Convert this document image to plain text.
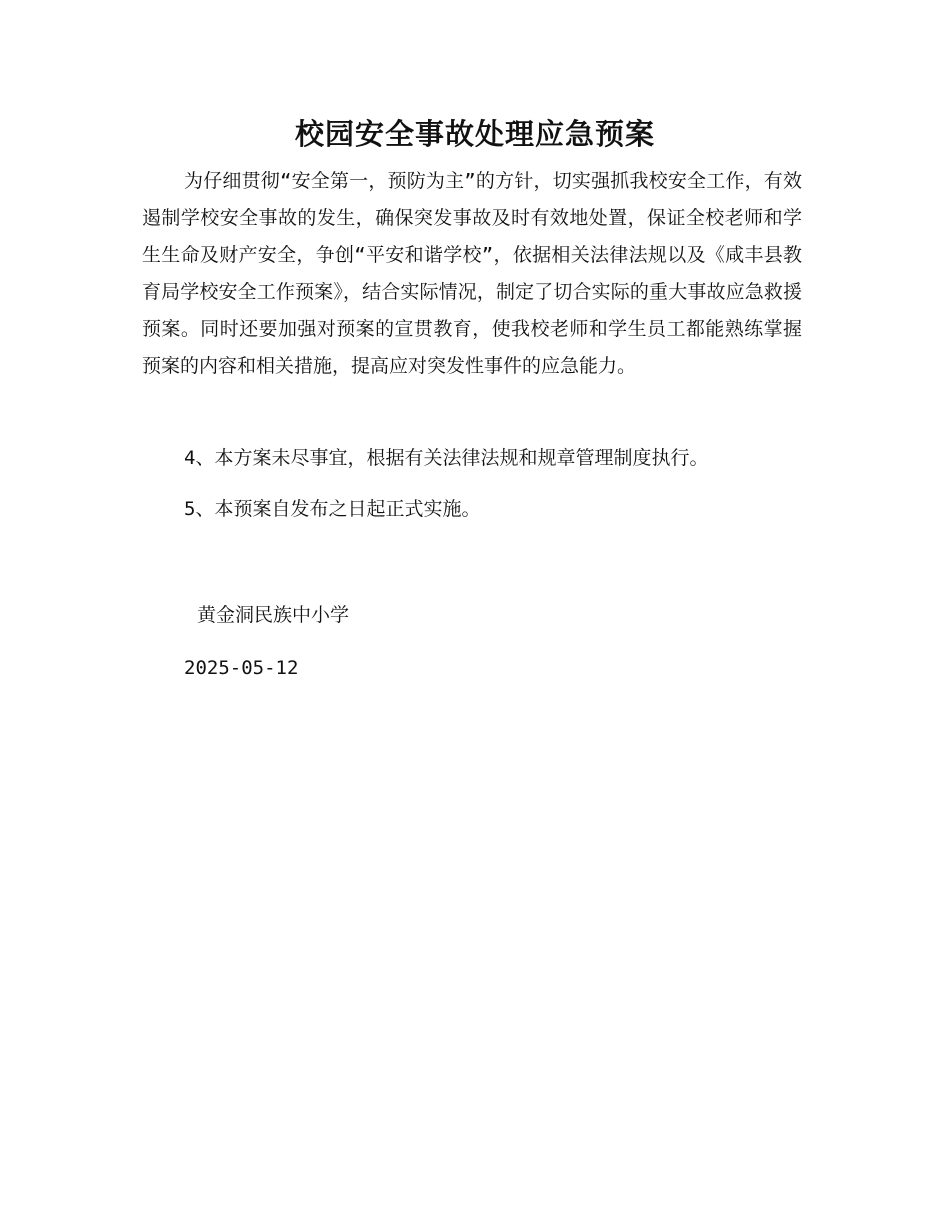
校园安全事故处理应急预案

为仔细贯彻“安全第一，预防为主”的方针，切实强抓我校安全工作，有效遏制学校安全事故的发生，确保突发事故及时有效地处置，保证全校老师和学生生命及财产安全，争创“平安和谐学校”，依据相关法律法规以及《咸丰县教育局学校安全工作预案》，结合实际情况，制定了切合实际的重大事故应急救援预案。同时还要加强对预案的宣贯教育，使我校老师和学生员工都能熟练掌握预案的内容和相关措施，提高应对突发性事件的应急能力。

4、本方案未尽事宜，根据有关法律法规和规章管理制度执行。

5、本预案自发布之日起正式实施。

黄金洞民族中小学

2025-05-12
